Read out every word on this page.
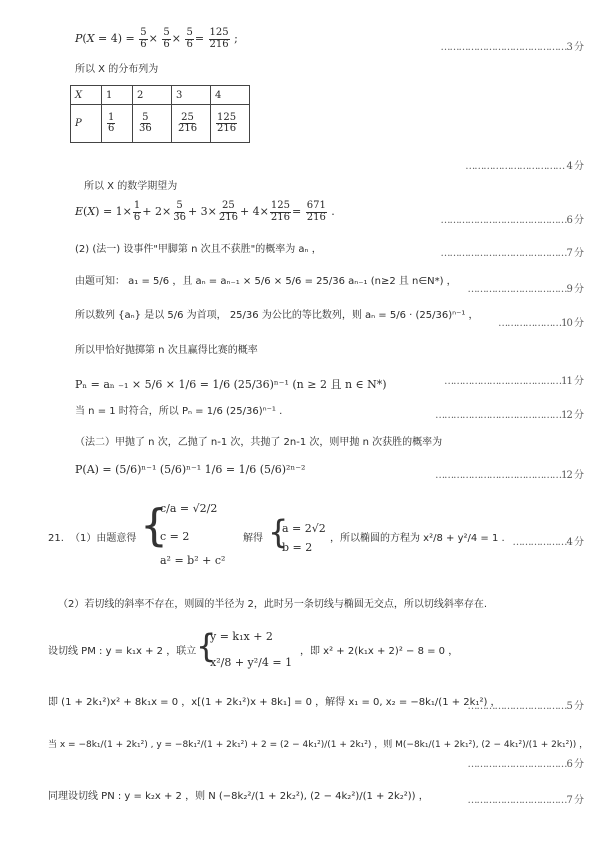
$P(X = 4) = \frac{5}{6} \times \frac{5}{6} \times \frac{5}{6} = \frac{125}{216}$ ;
……………………………………3 分
所以 X 的分布列为
X	1	2	3	4
P	$\frac{1}{6}$	$\frac{5}{36}$	$\frac{25}{216}$	$\frac{125}{216}$
…………………………… 4 分
所以 X 的数学期望为
$E(X) = 1\times \frac{1}{6} + 2\times \frac{5}{36} + 3\times \frac{25}{216} + 4\times \frac{125}{216} = \frac{671}{216}$ .
……………………………………6 分
(2) (法一) 设事件"甲脚第 n 次且不获胜"的概率为 aₙ ，	……………………………………7 分
由题可知： a₁ = 5/6 ，且 aₙ = aₙ₋₁ × 5/6 × 5/6 = 25/36 aₙ₋₁ (n≥2 且 n∈N*) ，
……………………………9 分
所以数列 {aₙ} 是以 5/6 为首项， 25/36 为公比的等比数列，则 aₙ = 5/6 · (25/36)ⁿ⁻¹ ，
…………………10 分
所以甲恰好抛掷第 n 次且赢得比赛的概率
Pₙ = aₙ ₋₁ × 5/6 × 1/6 = 1/6 (25/36)ⁿ⁻¹ (n ≥ 2 且 n ∈ N*)	…………………………………11 分
当 n = 1 时符合，所以 Pₙ = 1/6 (25/36)ⁿ⁻¹ .	……………………………………12 分
（法二）甲抛了 n 次，乙抛了 n-1 次，共抛了 2n-1 次，则甲抛 n 次获胜的概率为
P(A) = (5/6)ⁿ⁻¹ (5/6)ⁿ⁻¹ 1/6 = 1/6 (5/6)²ⁿ⁻²	……………………………………12 分
21. （1）由题意得 {
c/a = √2/2
c = 2
a² = b² + c²
解得 {
a = 2√2
b = 2
，所以椭圆的方程为 x²/8 + y²/4 = 1 . ………………4 分
（2）若切线的斜率不存在，则圆的半径为 2，此时另一条切线与椭圆无交点，所以切线斜率存在.
设切线 PM : y = k₁x + 2 ，联立 {
y = k₁x + 2
x²/8 + y²/4 = 1
，即 x² + 2(k₁x + 2)² − 8 = 0 ，
即 (1 + 2k₁²)x² + 8k₁x = 0 ，x[(1 + 2k₁²)x + 8k₁] = 0 ，解得 x₁ = 0, x₂ = −8k₁/(1 + 2k₁²) ，
……………………………5 分
当 x = −8k₁/(1 + 2k₁²) , y = −8k₁²/(1 + 2k₁²) + 2 = (2 − 4k₁²)/(1 + 2k₁²) ，则 M(−8k₁/(1 + 2k₁²), (2 − 4k₁²)/(1 + 2k₁²)) ，
……………………………6 分
同理设切线 PN : y = k₂x + 2 ，则 N (−8k₂²/(1 + 2k₂²), (2 − 4k₂²)/(1 + 2k₂²)) ，	……………………………7 分
